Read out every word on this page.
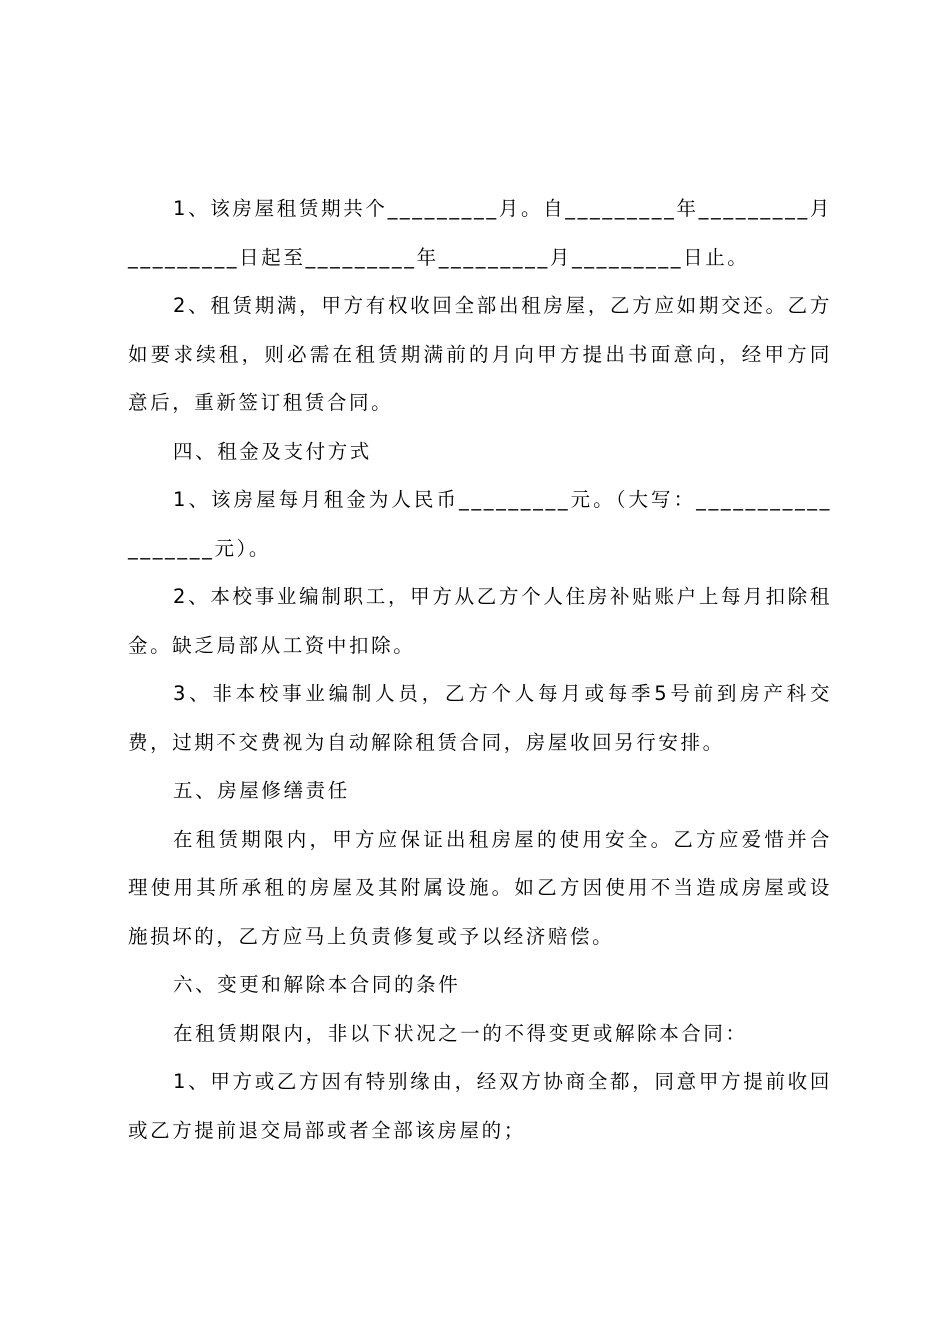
1、该房屋租赁期共个_________月。自_________年_________月_________日起至_________年_________月_________日止。

2、租赁期满，甲方有权收回全部出租房屋，乙方应如期交还。乙方如要求续租，则必需在租赁期满前的月向甲方提出书面意向，经甲方同意后，重新签订租赁合同。

四、租金及支付方式

1、该房屋每月租金为人民币_________元。（大写：__________________元）。

2、本校事业编制职工，甲方从乙方个人住房补贴账户上每月扣除租金。缺乏局部从工资中扣除。

3、非本校事业编制人员，乙方个人每月或每季5号前到房产科交费，过期不交费视为自动解除租赁合同，房屋收回另行安排。

五、房屋修缮责任

在租赁期限内，甲方应保证出租房屋的使用安全。乙方应爱惜并合理使用其所承租的房屋及其附属设施。如乙方因使用不当造成房屋或设施损坏的，乙方应马上负责修复或予以经济赔偿。

六、变更和解除本合同的条件

在租赁期限内，非以下状况之一的不得变更或解除本合同：

1、甲方或乙方因有特别缘由，经双方协商全都，同意甲方提前收回或乙方提前退交局部或者全部该房屋的；
